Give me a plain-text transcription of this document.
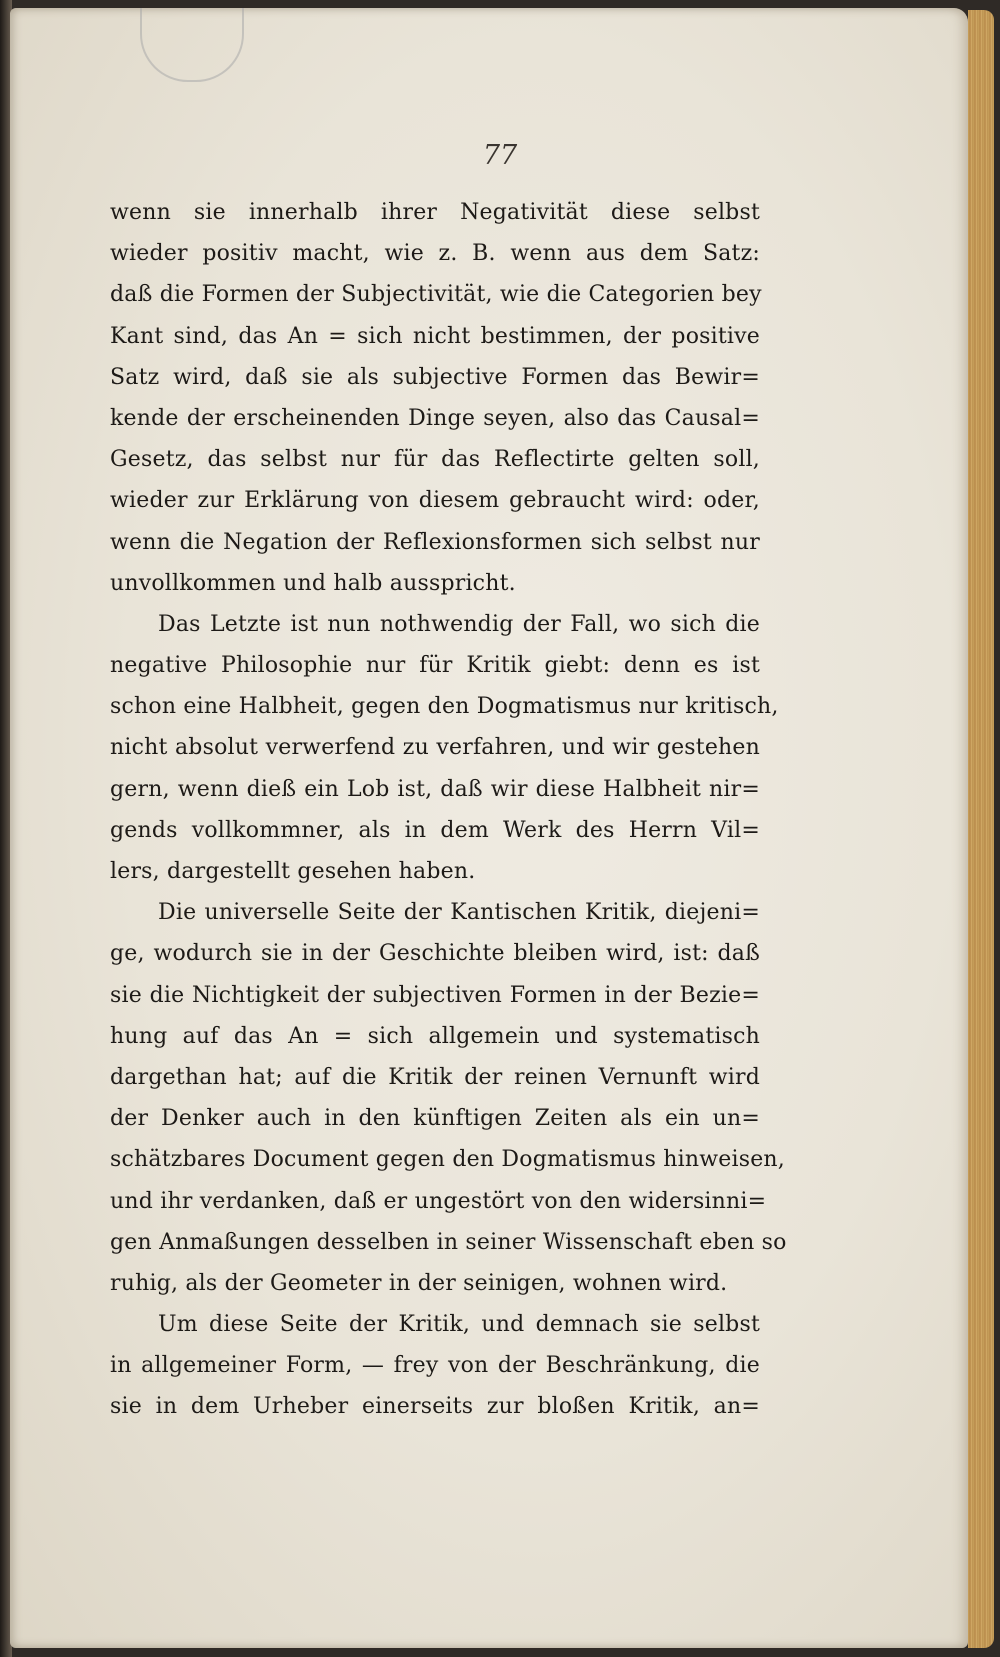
77
wenn sie innerhalb ihrer Negativität diese selbst
wieder positiv macht, wie z. B. wenn aus dem Satz:
daß die Formen der Subjectivität, wie die Categorien bey
Kant sind, das An = sich nicht bestimmen, der positive
Satz wird, daß sie als subjective Formen das Bewir=
kende der erscheinenden Dinge seyen, also das Causal=
Gesetz, das selbst nur für das Reflectirte gelten soll,
wieder zur Erklärung von diesem gebraucht wird: oder,
wenn die Negation der Reflexionsformen sich selbst nur
unvollkommen und halb ausspricht.
Das Letzte ist nun nothwendig der Fall, wo sich die
negative Philosophie nur für Kritik giebt: denn es ist
schon eine Halbheit, gegen den Dogmatismus nur kritisch,
nicht absolut verwerfend zu verfahren, und wir gestehen
gern, wenn dieß ein Lob ist, daß wir diese Halbheit nir=
gends vollkommner, als in dem Werk des Herrn Vil=
lers, dargestellt gesehen haben.
Die universelle Seite der Kantischen Kritik, diejeni=
ge, wodurch sie in der Geschichte bleiben wird, ist: daß
sie die Nichtigkeit der subjectiven Formen in der Bezie=
hung auf das An = sich allgemein und systematisch
dargethan hat; auf die Kritik der reinen Vernunft wird
der Denker auch in den künftigen Zeiten als ein un=
schätzbares Document gegen den Dogmatismus hinweisen,
und ihr verdanken, daß er ungestört von den widersinni=
gen Anmaßungen desselben in seiner Wissenschaft eben so
ruhig, als der Geometer in der seinigen, wohnen wird.
Um diese Seite der Kritik, und demnach sie selbst
in allgemeiner Form, — frey von der Beschränkung, die
sie in dem Urheber einerseits zur bloßen Kritik, an=
